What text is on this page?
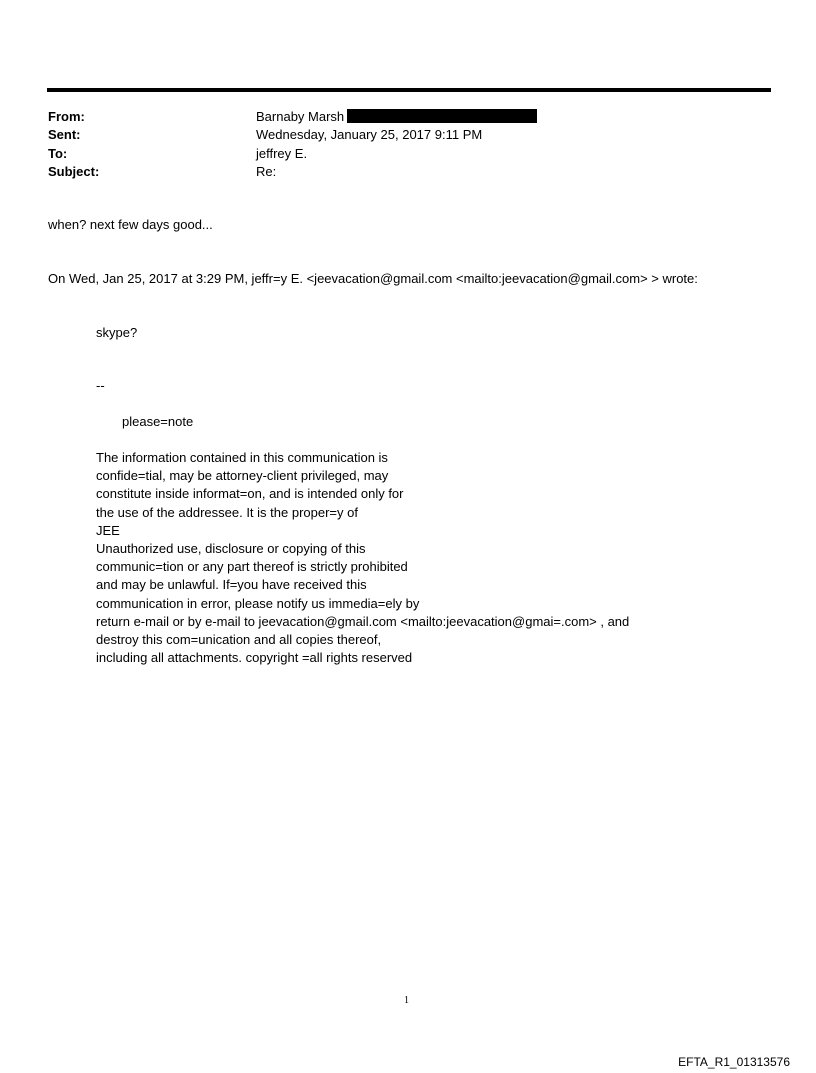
From:	Barnaby Marsh
Sent:	Wednesday, January 25, 2017 9:11 PM
To:	jeffrey E.
Subject:	Re:
when? next few days good...
On Wed, Jan 25, 2017 at 3:29 PM, jeffr=y E. <jeevacation@gmail.com <mailto:jeevacation@gmail.com> > wrote:
skype?
--
please=note
The information contained in this communication is
confide=tial, may be attorney-client privileged, may
constitute inside informat=on, and is intended only for
the use of the addressee. It is the proper=y of
JEE
Unauthorized use, disclosure or copying of this
communic=tion or any part thereof is strictly prohibited
and may be unlawful. If=you have received this
communication in error, please notify us immedia=ely by
return e-mail or by e-mail to jeevacation@gmail.com <mailto:jeevacation@gmai=.com> , and
destroy this com=unication and all copies thereof,
including all attachments. copyright =all rights reserved
1
EFTA_R1_01313576
